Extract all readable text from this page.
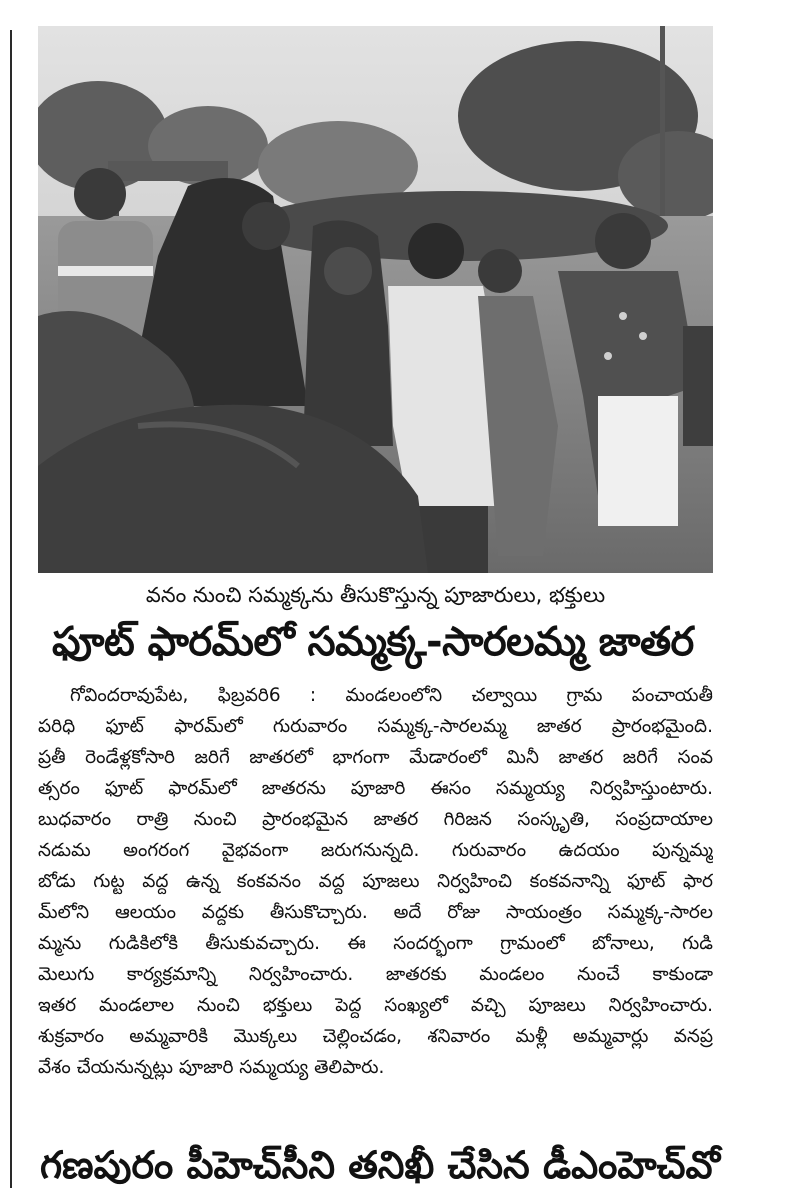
వనం నుంచి సమ్మక్కను తీసుకొస్తున్న పూజారులు, భక్తులు
ఫూట్ ఫారమ్‌లో సమ్మక్క-సారలమ్మ జాతర
గోవిందరావుపేట, ఫిబ్రవరి6 : మండలంలోని చల్వాయి గ్రామ పంచాయతీ
పరిధి ఫూట్ ఫారమ్‌లో గురువారం సమ్మక్క-సారలమ్మ జాతర ప్రారంభమైంది.
ప్రతీ రెండేళ్లకోసారి జరిగే జాతరలో భాగంగా మేడారంలో మినీ జాతర జరిగే సంవ
త్సరం ఫూట్ ఫారమ్‌లో జాతరను పూజారి ఈసం సమ్మయ్య నిర్వహిస్తుంటారు.
బుధవారం రాత్రి నుంచి ప్రారంభమైన జాతర గిరిజన సంస్కృతి, సంప్రదాయాల
నడుమ అంగరంగ వైభవంగా జరుగనున్నది. గురువారం ఉదయం పున్నమ్మ
బోడు గుట్ట వద్ద ఉన్న కంకవనం వద్ద పూజలు నిర్వహించి కంకవనాన్ని ఫూట్ ఫార
మ్‌లోని ఆలయం వద్దకు తీసుకొచ్చారు. అదే రోజు సాయంత్రం సమ్మక్క-సారల
మ్మను గుడికిలోకి తీసుకువచ్చారు. ఈ సందర్భంగా గ్రామంలో బోనాలు, గుడి
మెలుగు కార్యక్రమాన్ని నిర్వహించారు. జాతరకు మండలం నుంచే కాకుండా
ఇతర మండలాల నుంచి భక్తులు పెద్ద సంఖ్యలో వచ్చి పూజలు నిర్వహించారు.
శుక్రవారం అమ్మవారికి మొక్కలు చెల్లించడం, శనివారం మళ్లీ అమ్మవార్లు వనప్ర
వేశం చేయనున్నట్లు పూజారి సమ్మయ్య తెలిపారు.
గణపురం పీహెచ్‌సీని తనిఖీ చేసిన డీఎంహెచ్‌వో
